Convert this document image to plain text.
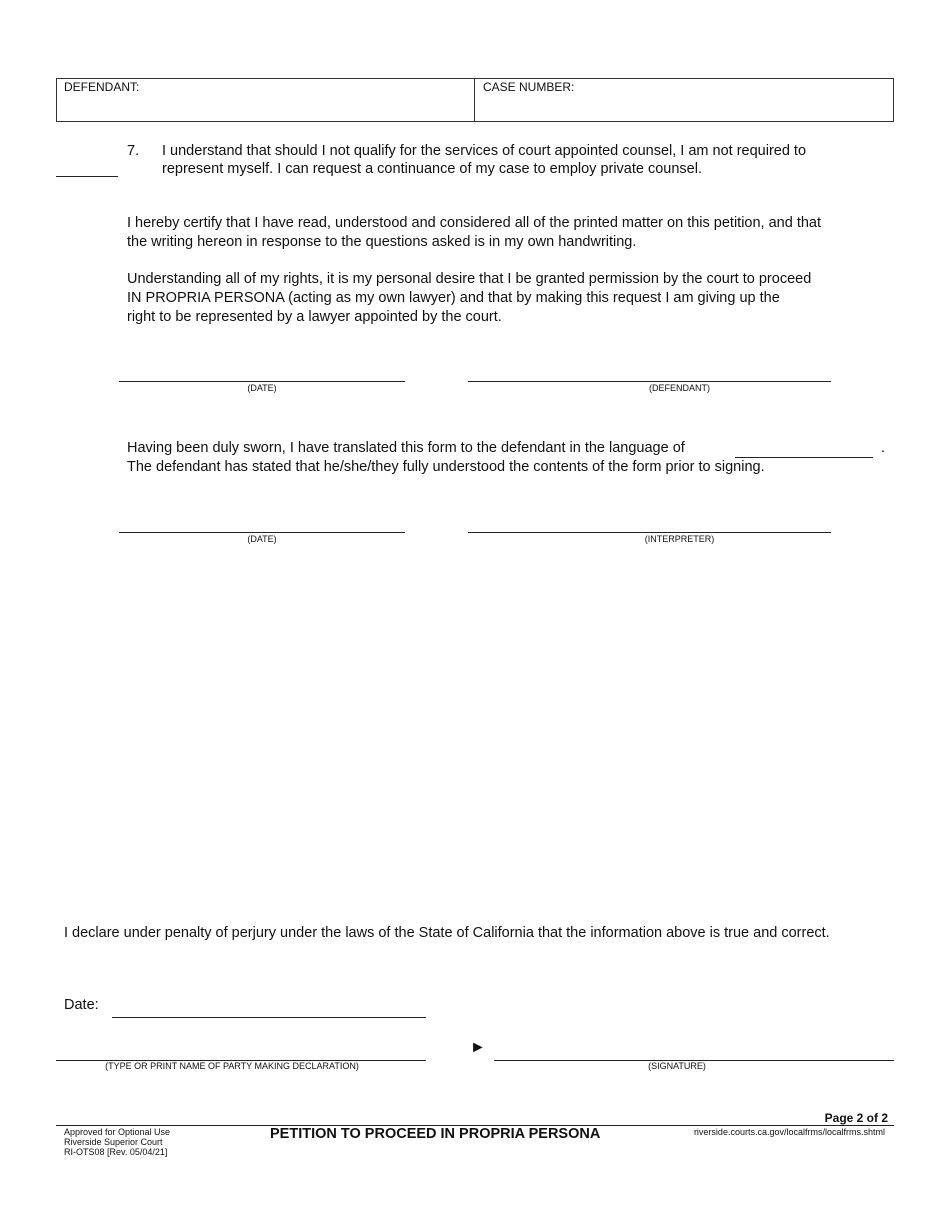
DEFENDANT:	CASE NUMBER:
7. I understand that should I not qualify for the services of court appointed counsel, I am not required to
represent myself. I can request a continuance of my case to employ private counsel.
I hereby certify that I have read, understood and considered all of the printed matter on this petition, and that
the writing hereon in response to the questions asked is in my own handwriting.
Understanding all of my rights, it is my personal desire that I be granted permission by the court to proceed
IN PROPRIA PERSONA (acting as my own lawyer) and that by making this request I am giving up the
right to be represented by a lawyer appointed by the court.
(DATE)	(DEFENDANT)
Having been duly sworn, I have translated this form to the defendant in the language of	.
The defendant has stated that he/she/they fully understood the contents of the form prior to signing.
(DATE)	(INTERPRETER)
I declare under penalty of perjury under the laws of the State of California that the information above is true and correct.
Date:
(TYPE OR PRINT NAME OF PARTY MAKING DECLARATION)
►
(SIGNATURE)
Page 2 of 2
Approved for Optional Use
Riverside Superior Court
RI-OTS08 [Rev. 05/04/21]
PETITION TO PROCEED IN PROPRIA PERSONA	riverside.courts.ca.gov/localfrms/localfrms.shtml
